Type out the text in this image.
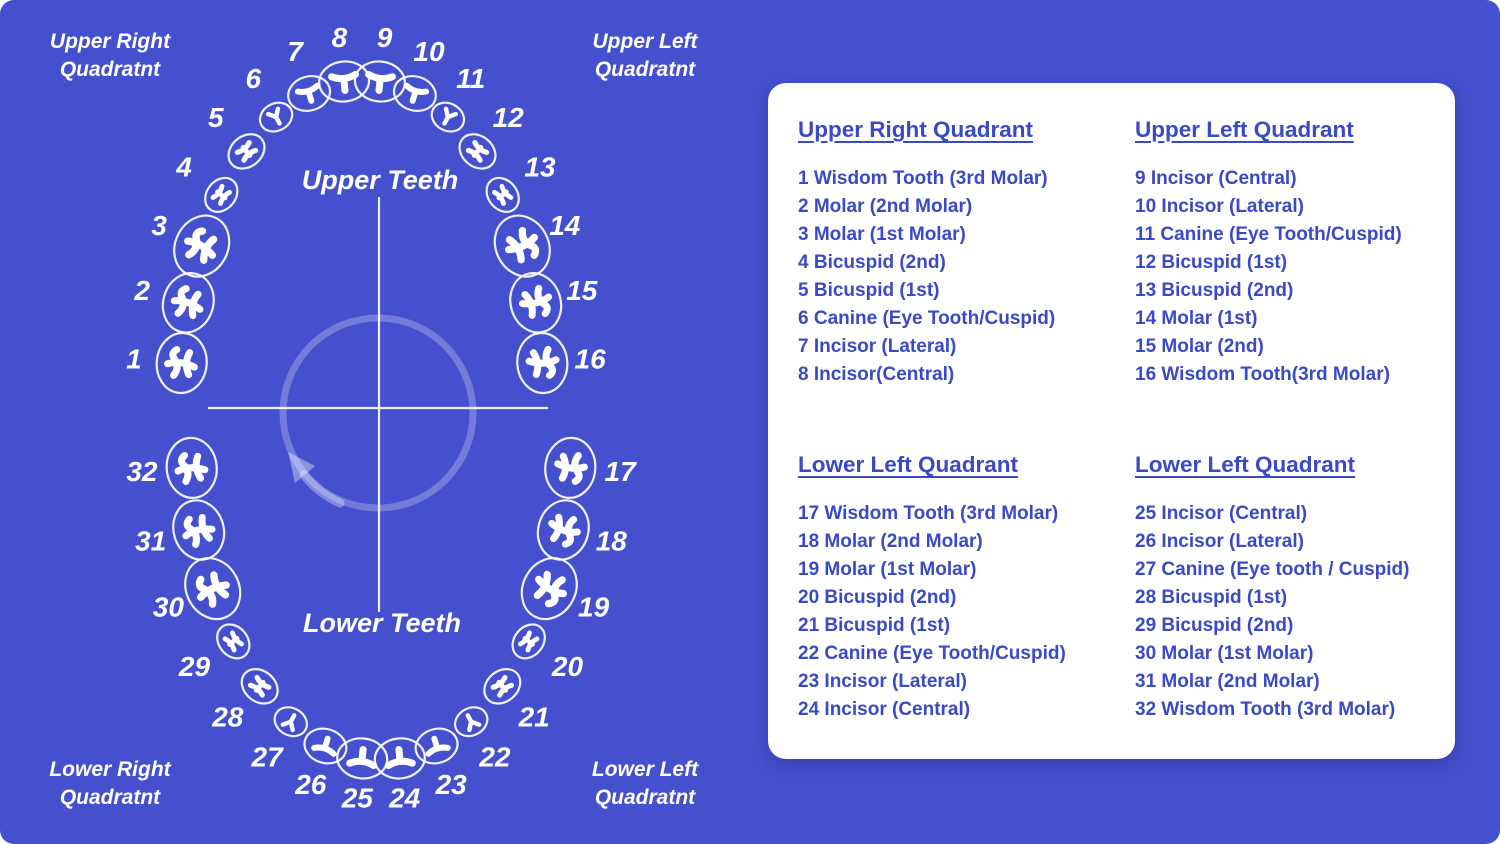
Upper Right
Quadratnt
Upper Left
Quadratnt
Lower Right
Quadratnt
Lower Left
Quadratnt
1
2
3
4
5
6
7 8 9 10
11
12
13
14
15
16
17
18
19
20
21
22
23
24
25
26
27
28
29
30
31
32
Upper Teeth
Lower Teeth
Upper Right Quadrant
1 Wisdom Tooth (3rd Molar)
2 Molar (2nd Molar)
3 Molar (1st Molar)
4 Bicuspid (2nd)
5 Bicuspid (1st)
6 Canine (Eye Tooth/Cuspid)
7 Incisor (Lateral)
8 Incisor(Central)
Upper Left Quadrant
9 Incisor (Central)
10 Incisor (Lateral)
11 Canine (Eye Tooth/Cuspid)
12 Bicuspid (1st)
13 Bicuspid (2nd)
14 Molar (1st)
15 Molar (2nd)
16 Wisdom Tooth(3rd Molar)
Lower Left Quadrant
17 Wisdom Tooth (3rd Molar)
18 Molar (2nd Molar)
19 Molar (1st Molar)
20 Bicuspid (2nd)
21 Bicuspid (1st)
22 Canine (Eye Tooth/Cuspid)
23 Incisor (Lateral)
24 Incisor (Central)
Lower Left Quadrant
25 Incisor (Central)
26 Incisor (Lateral)
27 Canine (Eye tooth / Cuspid)
28 Bicuspid (1st)
29 Bicuspid (2nd)
30 Molar (1st Molar)
31 Molar (2nd Molar)
32 Wisdom Tooth (3rd Molar)
